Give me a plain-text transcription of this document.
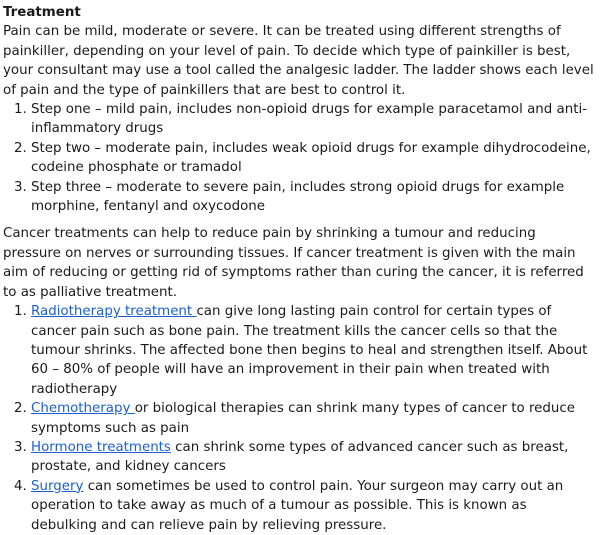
Treatment

Pain can be mild, moderate or severe. It can be treated using different strengths of painkiller, depending on your level of pain. To decide which type of painkiller is best, your consultant may use a tool called the analgesic ladder. The ladder shows each level of pain and the type of painkillers that are best to control it.

1. Step one – mild pain, includes non-opioid drugs for example paracetamol and anti-inflammatory drugs
2. Step two – moderate pain, includes weak opioid drugs for example dihydrocodeine, codeine phosphate or tramadol
3. Step three – moderate to severe pain, includes strong opioid drugs for example morphine, fentanyl and oxycodone

Cancer treatments can help to reduce pain by shrinking a tumour and reducing pressure on nerves or surrounding tissues. If cancer treatment is given with the main aim of reducing or getting rid of symptoms rather than curing the cancer, it is referred to as palliative treatment.

1. Radiotherapy treatment can give long lasting pain control for certain types of cancer pain such as bone pain. The treatment kills the cancer cells so that the tumour shrinks. The affected bone then begins to heal and strengthen itself. About 60 – 80% of people will have an improvement in their pain when treated with radiotherapy
2. Chemotherapy or biological therapies can shrink many types of cancer to reduce symptoms such as pain
3. Hormone treatments can shrink some types of advanced cancer such as breast, prostate, and kidney cancers
4. Surgery can sometimes be used to control pain. Your surgeon may carry out an operation to take away as much of a tumour as possible. This is known as debulking and can relieve pain by relieving pressure.
